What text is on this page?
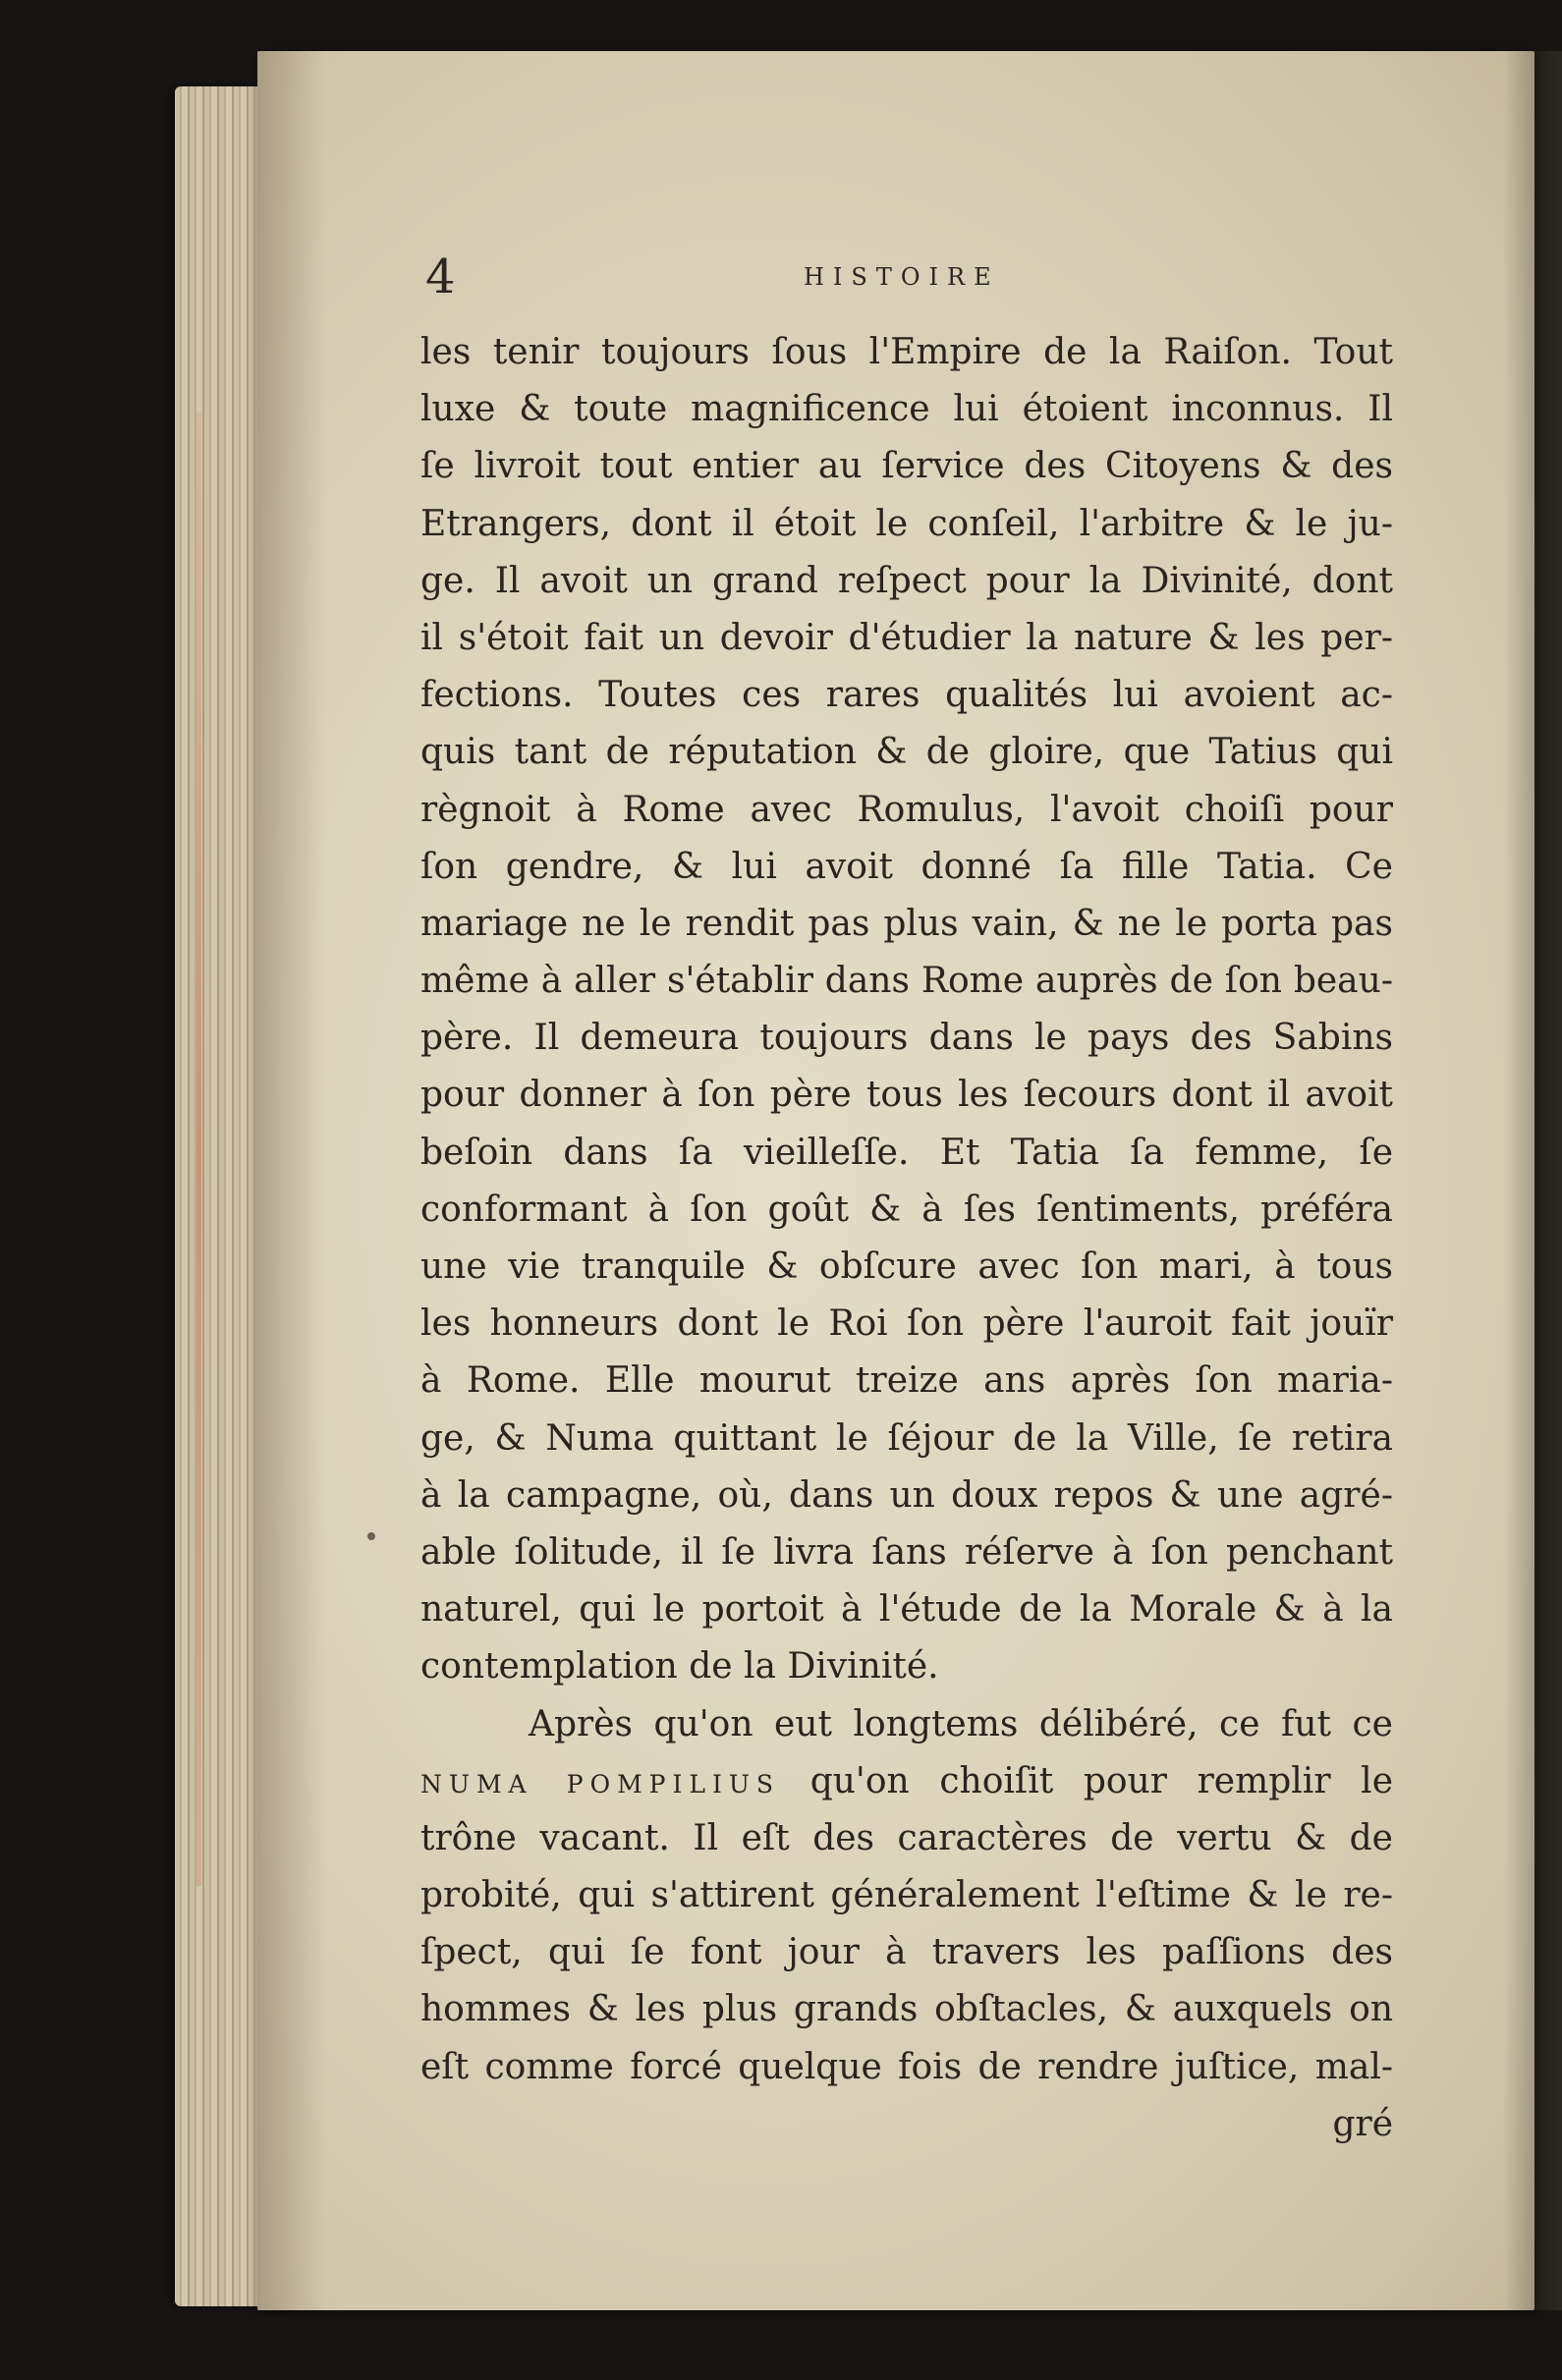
4	HISTOIRE
les tenir toujours ſous l'Empire de la Raiſon. Tout
luxe & toute magnificence lui étoient inconnus. Il
ſe livroit tout entier au ſervice des Citoyens & des
Etrangers, dont il étoit le conſeil, l'arbitre & le ju-
ge. Il avoit un grand reſpect pour la Divinité, dont
il s'étoit fait un devoir d'étudier la nature & les per-
fections. Toutes ces rares qualités lui avoient ac-
quis tant de réputation & de gloire, que Tatius qui
règnoit à Rome avec Romulus, l'avoit choiſi pour
ſon gendre, & lui avoit donné ſa fille Tatia. Ce
mariage ne le rendit pas plus vain, & ne le porta pas
même à aller s'établir dans Rome auprès de ſon beau-
père. Il demeura toujours dans le pays des Sabins
pour donner à ſon père tous les ſecours dont il avoit
beſoin dans ſa vieilleſſe. Et Tatia ſa femme, ſe
conformant à ſon goût & à ſes ſentiments, préféra
une vie tranquile & obſcure avec ſon mari, à tous
les honneurs dont le Roi ſon père l'auroit fait jouïr
à Rome. Elle mourut treize ans après ſon maria-
ge, & Numa quittant le ſéjour de la Ville, ſe retira
à la campagne, où, dans un doux repos & une agré-
able ſolitude, il ſe livra ſans réſerve à ſon penchant
naturel, qui le portoit à l'étude de la Morale & à la
contemplation de la Divinité.
Après qu'on eut longtems délibéré, ce fut ce
NUMA POMPILIUS qu'on choiſit pour remplir le
trône vacant. Il eſt des caractères de vertu & de
probité, qui s'attirent généralement l'eſtime & le re-
ſpect, qui ſe font jour à travers les paſſions des
hommes & les plus grands obſtacles, & auxquels on
eſt comme forcé quelque fois de rendre juſtice, mal-
gré
